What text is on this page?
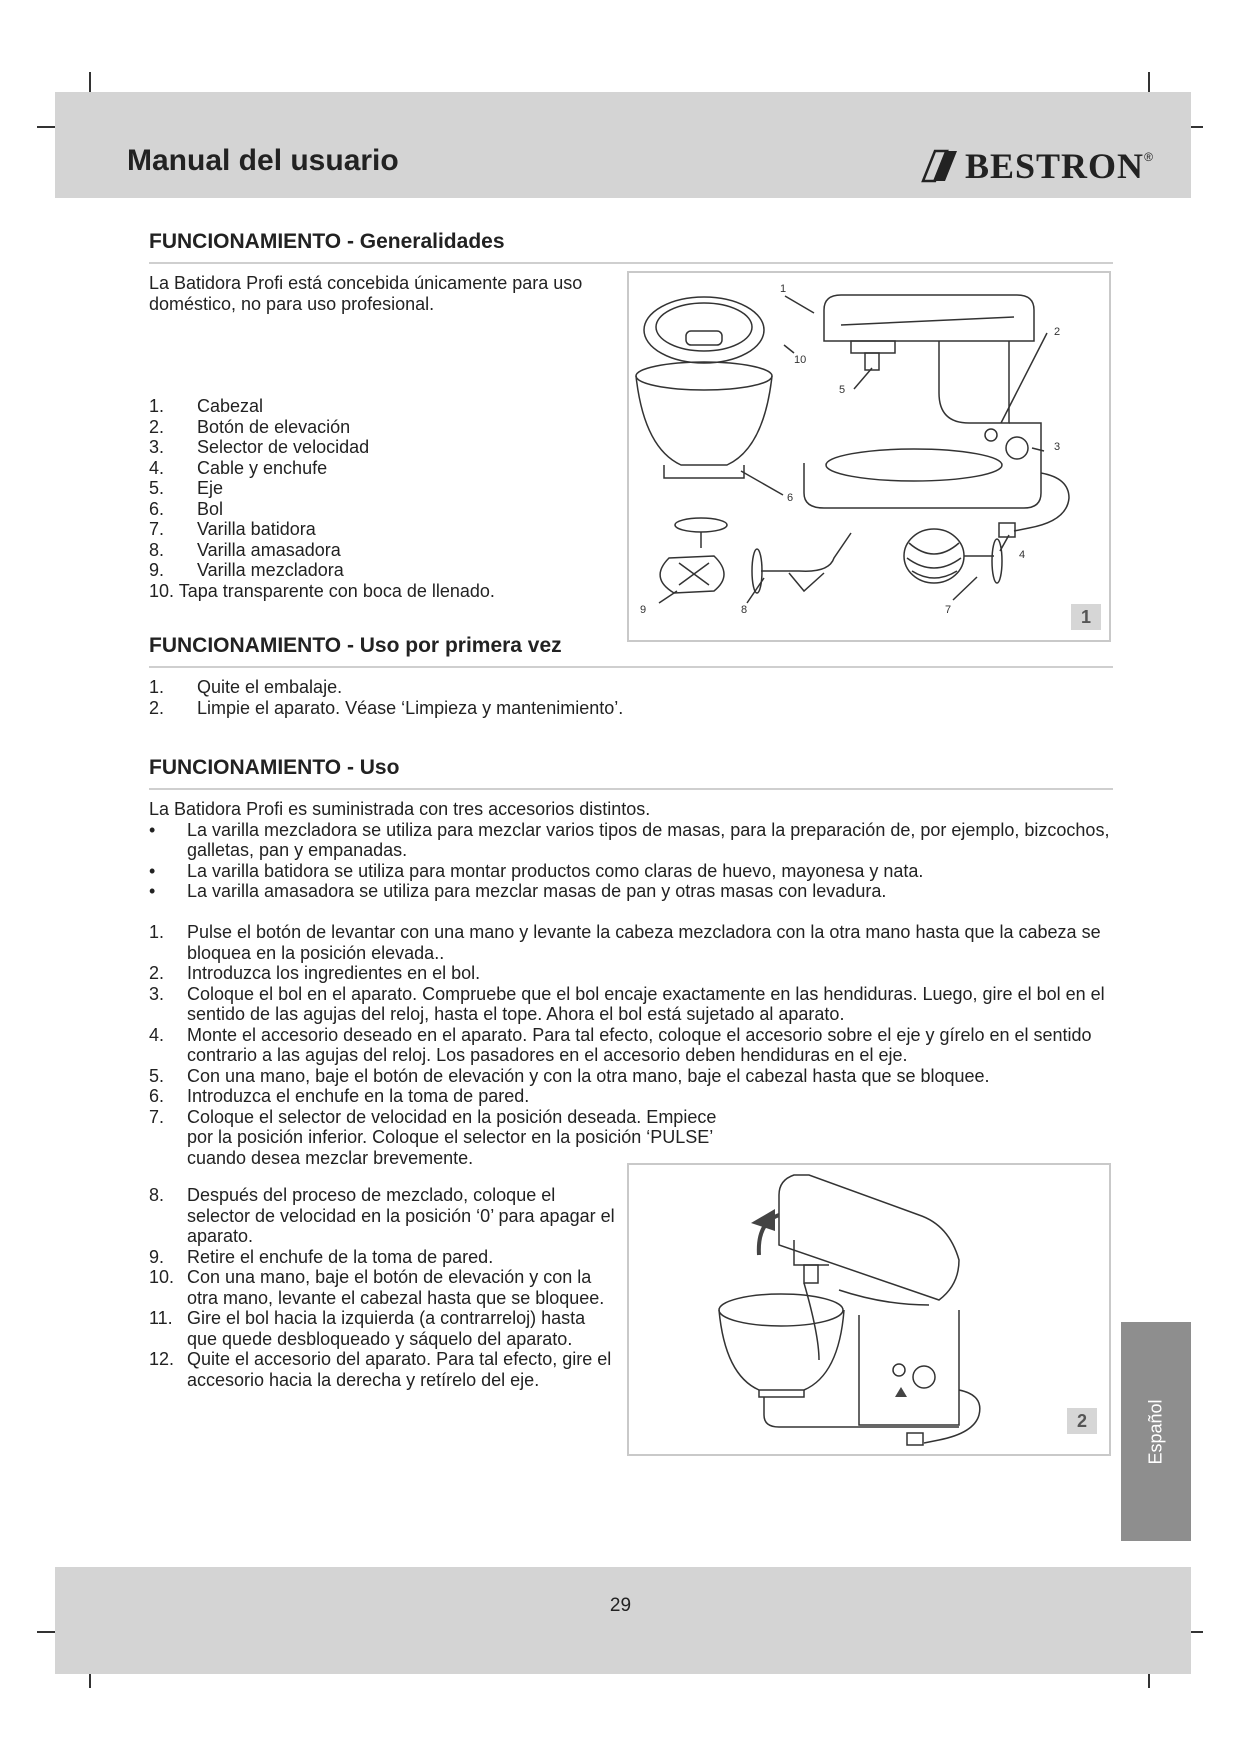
Manual del usuario	BESTRON ®
FUNCIONAMIENTO - Generalidades
La Batidora Profi está concebida únicamente para uso doméstico, no para uso profesional.
1. Cabezal
2. Botón de elevación
3. Selector de velocidad
4. Cable y enchufe
5. Eje
6. Bol
7. Varilla batidora
8. Varilla amasadora
9. Varilla mezcladora
10. Tapa transparente con boca de llenado.
1
2
3
4
5
6
7
8
9
10
1
FUNCIONAMIENTO - Uso por primera vez
1. Quite el embalaje.
2. Limpie el aparato. Véase ‘Limpieza y mantenimiento’.
FUNCIONAMIENTO - Uso
La Batidora Profi es suministrada con tres accesorios distintos.
• La varilla mezcladora se utiliza para mezclar varios tipos de masas, para la preparación de, por ejemplo, bizcochos, galletas, pan y empanadas.
• La varilla batidora se utiliza para montar productos como claras de huevo, mayonesa y nata.
• La varilla amasadora se utiliza para mezclar masas de pan y otras masas con levadura.
1. Pulse el botón de levantar con una mano y levante la cabeza mezcladora con la otra mano hasta que la cabeza se bloquea en la posición elevada..
2. Introduzca los ingredientes en el bol.
3. Coloque el bol en el aparato. Compruebe que el bol encaje exactamente en las hendiduras. Luego, gire el bol en el sentido de las agujas del reloj, hasta el tope. Ahora el bol está sujetado al aparato.
4. Monte el accesorio deseado en el aparato. Para tal efecto, coloque el accesorio sobre el eje y gírelo en el sentido contrario a las agujas del reloj. Los pasadores en el accesorio deben hendiduras en el eje.
5. Con una mano, baje el botón de elevación y con la otra mano, baje el cabezal hasta que se bloquee.
6. Introduzca el enchufe en la toma de pared.
7. Coloque el selector de velocidad en la posición deseada. Empiece por la posición inferior. Coloque el selector en la posición ‘PULSE’ cuando desea mezclar brevemente.
8. Después del proceso de mezclado, coloque el selector de velocidad en la posición ‘0’ para apagar el aparato.
9. Retire el enchufe de la toma de pared.
10. Con una mano, baje el botón de elevación y con la otra mano, levante el cabezal hasta que se bloquee.
11. Gire el bol hacia la izquierda (a contrarreloj) hasta que quede desbloqueado y sáquelo del aparato.
12. Quite el accesorio del aparato. Para tal efecto, gire el accesorio hacia la derecha y retírelo del eje.
2	Español
29
